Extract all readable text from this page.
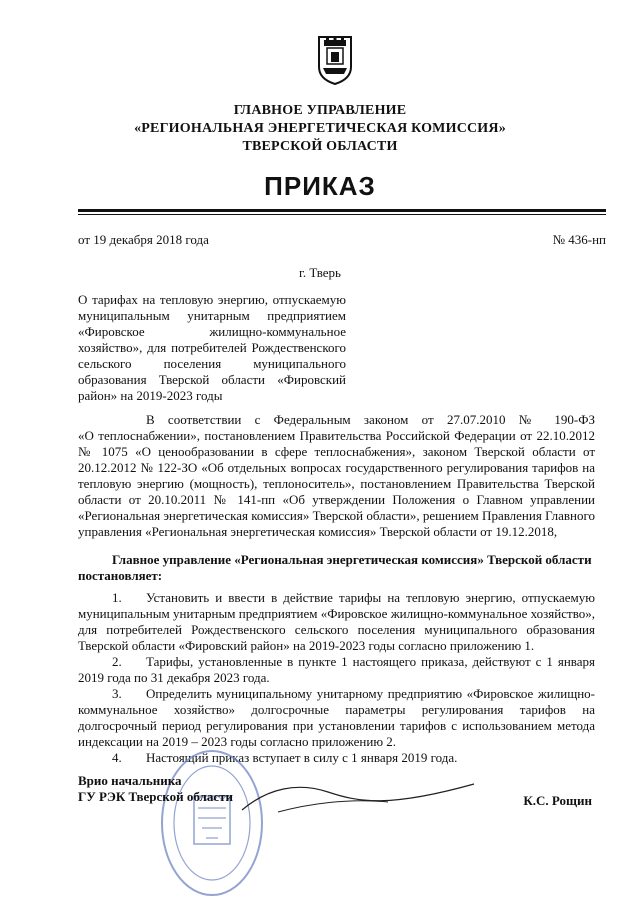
ГЛАВНОЕ УПРАВЛЕНИЕ
«РЕГИОНАЛЬНАЯ ЭНЕРГЕТИЧЕСКАЯ КОМИССИЯ»
ТВЕРСКОЙ ОБЛАСТИ
ПРИКАЗ
от 19 декабря 2018 года	№ 436-нп
г. Тверь
О тарифах на тепловую энергию, отпускаемую
муниципальным унитарным предприятием
«Фировское жилищно-коммунальное
хозяйство», для потребителей Рождественского
сельского поселения муниципального
образования Тверской области «Фировский
район» на 2019-2023 годы
В соответствии с Федеральным законом от 27.07.2010 № 190-ФЗ
«О теплоснабжении», постановлением Правительства Российской Федерации от 22.10.2012
№ 1075 «О ценообразовании в сфере теплоснабжения», законом Тверской области от
20.12.2012 № 122-ЗО «Об отдельных вопросах государственного регулирования тарифов на
тепловую энергию (мощность), теплоноситель», постановлением Правительства Тверской
области от 20.10.2011 № 141-пп «Об утверждении Положения о Главном управлении
«Региональная энергетическая комиссия» Тверской области», решением Правления Главного
управления «Региональная энергетическая комиссия» Тверской области от 19.12.2018,
Главное управление «Региональная энергетическая комиссия» Тверской области
постановляет:
1. Установить и ввести в действие тарифы на тепловую энергию, отпускаемую
муниципальным унитарным предприятием «Фировское жилищно-коммунальное хозяйство»,
для потребителей Рождественского сельского поселения муниципального образования
Тверской области «Фировский район» на 2019-2023 годы согласно приложению 1.
2. Тарифы, установленные в пункте 1 настоящего приказа, действуют с 1 января
2019 года по 31 декабря 2023 года.
3. Определить муниципальному унитарному предприятию «Фировское жилищно-
коммунальное хозяйство» долгосрочные параметры регулирования тарифов на
долгосрочный период регулирования при установлении тарифов с использованием метода
индексации на 2019 – 2023 годы согласно приложению 2.
4. Настоящий приказ вступает в силу с 1 января 2019 года.
Врио начальника
ГУ РЭК Тверской области	К.С. Рощин
